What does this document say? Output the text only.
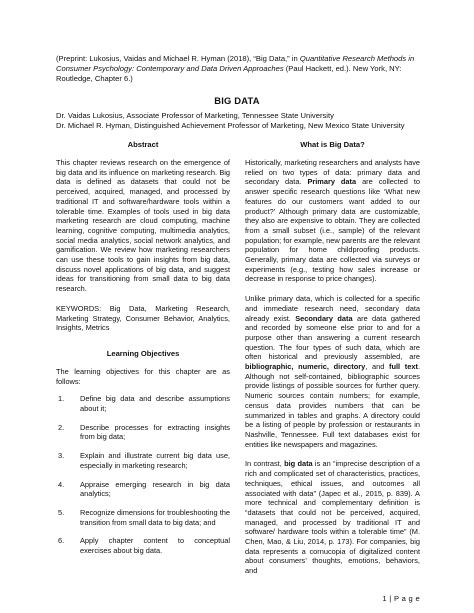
(Preprint: Lukosius, Vaidas and Michael R. Hyman (2018), “Big Data,” in Quantitative Research Methods in Consumer Psychology: Contemporary and Data Driven Approaches (Paul Hackett, ed.). New York, NY: Routledge, Chapter 6.)
BIG DATA
Dr. Vaidas Lukosius, Associate Professor of Marketing, Tennessee State University
Dr. Michael R. Hyman, Distinguished Achievement Professor of Marketing, New Mexico State University
Abstract

This chapter reviews research on the emergence of big data and its influence on marketing research. Big data is defined as datasets that could not be perceived, acquired, managed, and processed by traditional IT and software/hardware tools within a tolerable time. Examples of tools used in big data marketing research are cloud computing, machine learning, cognitive computing, multimedia analytics, social media analytics, social network analytics, and gamification. We review how marketing researchers can use these tools to gain insights from big data, discuss novel applications of big data, and suggest ideas for transitioning from small data to big data research.

KEYWORDS: Big Data, Marketing Research, Marketing Strategy, Consumer Behavior, Analytics, Insights, Metrics

Learning Objectives

The learning objectives for this chapter are as follows:

1.	Define big data and describe assumptions about it;
2.	Describe processes for extracting insights from big data;
3.	Explain and illustrate current big data use, especially in marketing research;
4.	Appraise emerging research in big data analytics;
5.	Recognize dimensions for troubleshooting the transition from small data to big data; and
6.	Apply chapter content to conceptual exercises about big data.
What is Big Data?

Historically, marketing researchers and analysts have relied on two types of data: primary data and secondary data. Primary data are collected to answer specific research questions like ‘What new features do our customers want added to our product?’ Although primary data are customizable, they also are expensive to obtain. They are collected from a small subset (i.e., sample) of the relevant population; for example, new parents are the relevant population for home childproofing products. Generally, primary data are collected via surveys or experiments (e.g., testing how sales increase or decrease in response to price changes).

Unlike primary data, which is collected for a specific and immediate research need, secondary data already exist. Secondary data are data gathered and recorded by someone else prior to and for a purpose other than answering a current research question. The four types of such data, which are often historical and previously assembled, are bibliographic, numeric, directory, and full text. Although not self-contained, bibliographic sources provide listings of possible sources for further query. Numeric sources contain numbers; for example, census data provides numbers that can be summarized in tables and graphs. A directory could be a listing of people by profession or restaurants in Nashville, Tennessee. Full text databases exist for entities like newspapers and magazines.

In contrast, big data is an “imprecise description of a rich and complicated set of characteristics, practices, techniques, ethical issues, and outcomes all associated with data” (Japec et al., 2015, p. 839). A more technical and complementary definition is “datasets that could not be perceived, acquired, managed, and processed by traditional IT and software/ hardware tools within a tolerable time” (M. Chen, Mao, & Liu, 2014, p. 173). For companies, big data represents a cornucopia of digitalized content about consumers’ thoughts, emotions, behaviors, and

1 | P a g e
